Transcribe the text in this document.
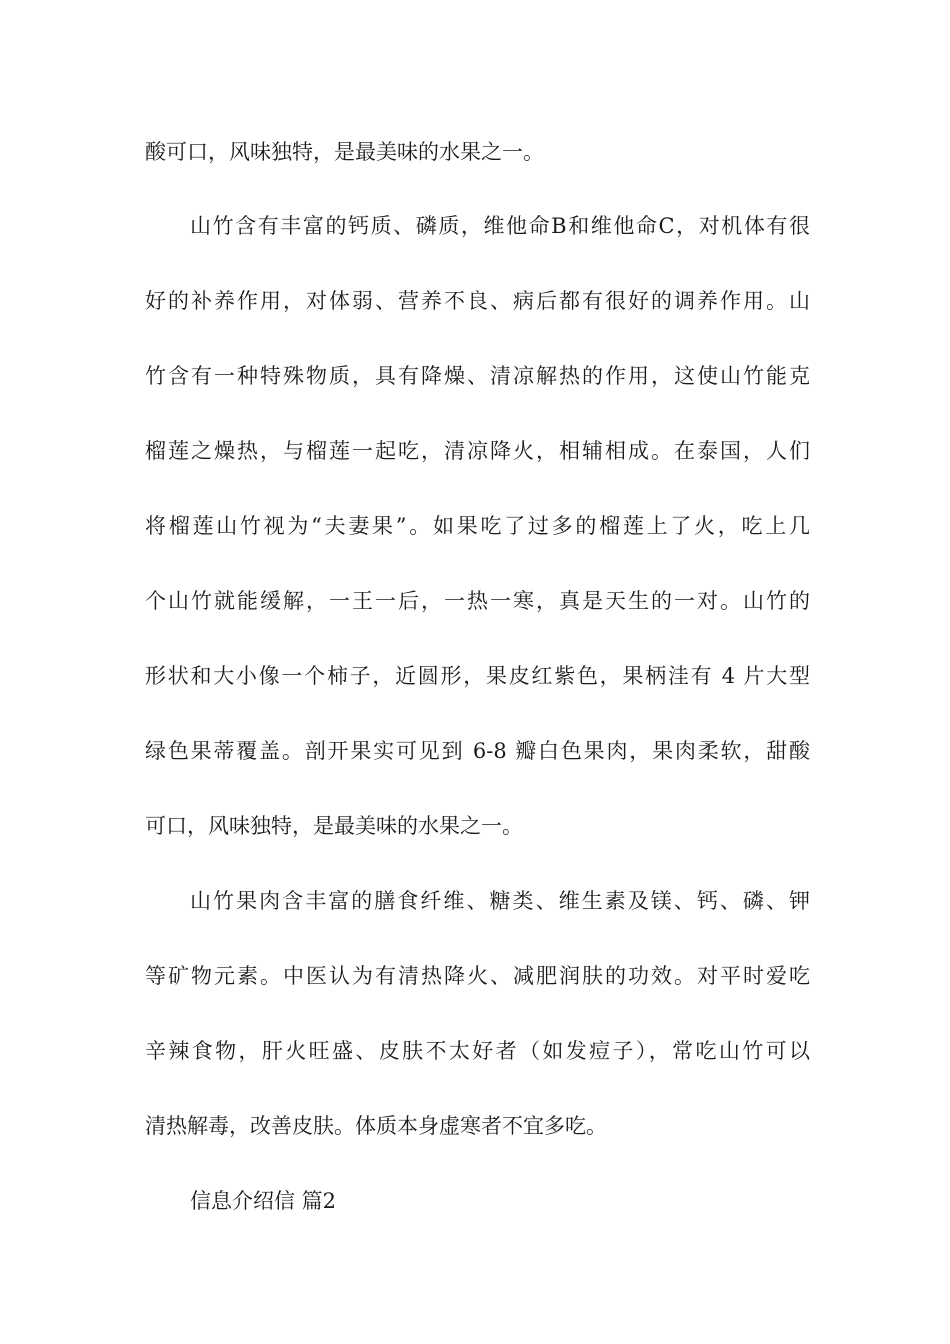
酸可口，风味独特，是最美味的水果之一。
山竹含有丰富的钙质、磷质，维他命B和维他命C，对机体有很
好的补养作用，对体弱、营养不良、病后都有很好的调养作用。山
竹含有一种特殊物质，具有降燥、清凉解热的作用，这使山竹能克
榴莲之燥热，与榴莲一起吃，清凉降火，相辅相成。在泰国，人们
将榴莲山竹视为“夫妻果”。如果吃了过多的榴莲上了火，吃上几
个山竹就能缓解，一王一后，一热一寒，真是天生的一对。山竹的
形状和大小像一个柿子，近圆形，果皮红紫色，果柄洼有 4 片大型
绿色果蒂覆盖。剖开果实可见到 6-8 瓣白色果肉，果肉柔软，甜酸
可口，风味独特，是最美味的水果之一。
山竹果肉含丰富的膳食纤维、糖类、维生素及镁、钙、磷、钾
等矿物元素。中医认为有清热降火、减肥润肤的功效。对平时爱吃
辛辣食物，肝火旺盛、皮肤不太好者（如发痘子），常吃山竹可以
清热解毒，改善皮肤。体质本身虚寒者不宜多吃。
信息介绍信 篇2
